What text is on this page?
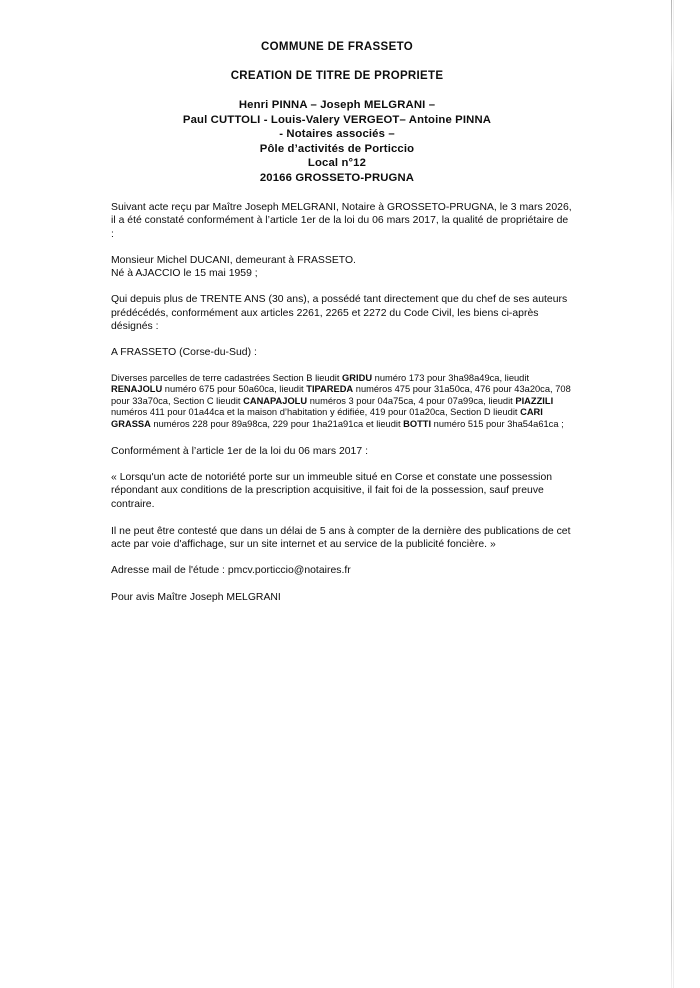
COMMUNE DE FRASSETO
CREATION DE TITRE DE PROPRIETE
Henri PINNA – Joseph MELGRANI –
Paul CUTTOLI - Louis-Valery VERGEOT– Antoine PINNA
- Notaires associés –
Pôle d’activités de Porticcio
Local n°12
20166 GROSSETO-PRUGNA

Suivant acte reçu par Maître Joseph MELGRANI, Notaire à GROSSETO-PRUGNA, le 3 mars 2026, il a été constaté conformément à l’article 1er de la loi du 06 mars 2017, la qualité de propriétaire de :

Monsieur Michel DUCANI, demeurant à FRASSETO.
Né à AJACCIO le 15 mai 1959 ;

Qui depuis plus de TRENTE ANS (30 ans), a possédé tant directement que du chef de ses auteurs prédécédés, conformément aux articles 2261, 2265 et 2272 du Code Civil, les biens ci-après désignés :

A FRASSETO (Corse-du-Sud) :

Diverses parcelles de terre cadastrées Section B lieudit GRIDU numéro 173 pour 3ha98a49ca, lieudit RENAJOLU numéro 675 pour 50a60ca, lieudit TIPAREDA numéros 475 pour 31a50ca, 476 pour 43a20ca, 708 pour 33a70ca, Section C lieudit CANAPAJOLU numéros 3 pour 04a75ca, 4 pour 07a99ca, lieudit PIAZZILI numéros 411 pour 01a44ca et la maison d’habitation y édifiée, 419 pour 01a20ca, Section D lieudit CARI GRASSA numéros 228 pour 89a98ca, 229 pour 1ha21a91ca et lieudit BOTTI numéro 515 pour 3ha54a61ca ;

Conformément à l’article 1er de la loi du 06 mars 2017 :

« Lorsqu'un acte de notoriété porte sur un immeuble situé en Corse et constate une possession répondant aux conditions de la prescription acquisitive, il fait foi de la possession, sauf preuve contraire.

Il ne peut être contesté que dans un délai de 5 ans à compter de la dernière des publications de cet acte par voie d'affichage, sur un site internet et au service de la publicité foncière. »

Adresse mail de l'étude : pmcv.porticcio@notaires.fr

Pour avis Maître Joseph MELGRANI
